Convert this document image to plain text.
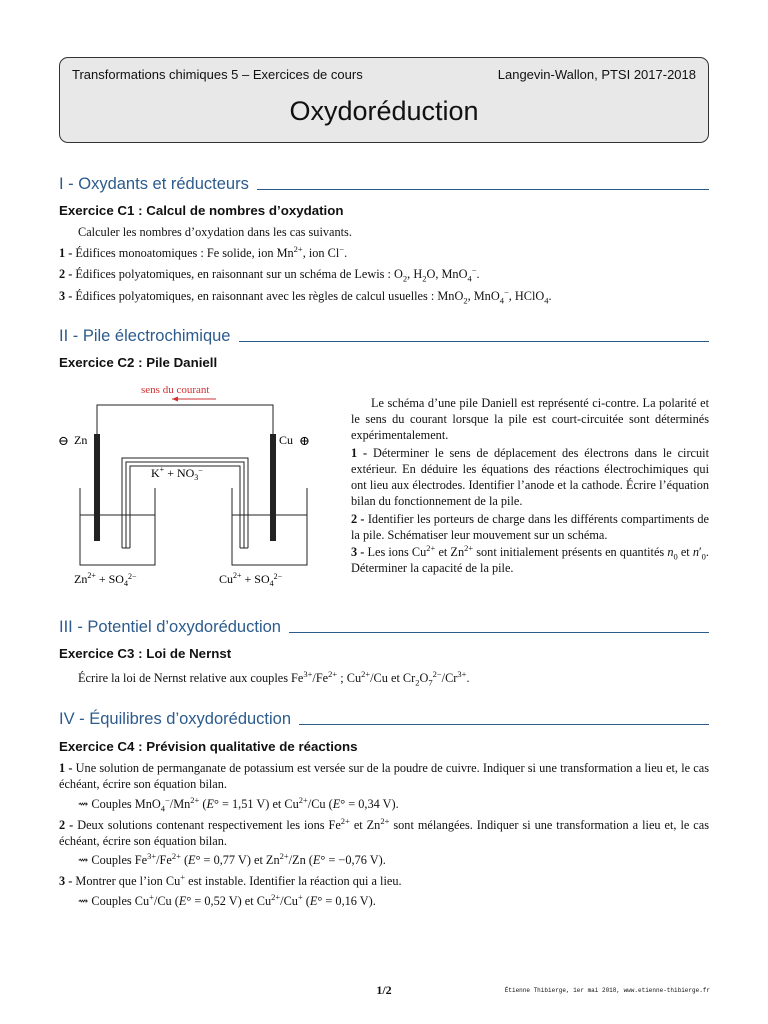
Transformations chimiques 5 – Exercices de cours	Langevin-Wallon, PTSI 2017-2018
Oxydoréduction
I - Oxydants et réducteurs
Exercice C1 : Calcul de nombres d’oxydation
Calculer les nombres d’oxydation dans les cas suivants.
1 - Édifices monoatomiques : Fe solide, ion $Mn^{2+}$, ion Cl−.
2 - Édifices polyatomiques, en raisonnant sur un schéma de Lewis : $O_2$, $H_2O$, MnO$_4$−.
3 - Édifices polyatomiques, en raisonnant avec les règles de calcul usuelles : MnO$_2$, MnO$_4$−, HClO$_4$.
II - Pile électrochimique
Exercice C2 : Pile Daniell
sens du courant
⊖ Zn	Cu ⊕
$K^+ + NO_3^-$
$Zn^{2+} + SO_4^{2-}$	$Cu^{2+} + SO_4^{2-}$
Le schéma d’une pile Daniell est représenté ci-contre. La polarité et le sens du courant lorsque la pile est court-circuitée sont déterminés expérimentalement.
1 - Déterminer le sens de déplacement des électrons dans le circuit extérieur. En déduire les équations des réactions électrochimiques qui ont lieu aux électrodes. Identifier l’anode et la cathode. Écrire l’équation bilan du fonctionnement de la pile.
2 - Identifier les porteurs de charge dans les différents compartiments de la pile. Schématiser leur mouvement sur un schéma.
3 - Les ions $Cu^{2+}$ et $Zn^{2+}$ sont initialement présents en quantités $n_0$ et $n'_0$. Déterminer la capacité de la pile.
III - Potentiel d’oxydoréduction
Exercice C3 : Loi de Nernst
Écrire la loi de Nernst relative aux couples $Fe^{3+}/Fe^{2+}$ ; $Cu^{2+}/Cu$ et $Cr_2O_7^{2-}/Cr^{3+}$.
IV - Équilibres d’oxydoréduction
Exercice C4 : Prévision qualitative de réactions
1 - Une solution de permanganate de potassium est versée sur de la poudre de cuivre. Indiquer si une transformation a lieu et, le cas échéant, écrire son équation bilan.
⇝ Couples $MnO_4^-/Mn^{2+}$ (E° = 1,51 V) et $Cu^{2+}/Cu$ (E° = 0,34 V).
2 - Deux solutions contenant respectivement les ions $Fe^{2+}$ et $Zn^{2+}$ sont mélangées. Indiquer si une transformation a lieu et, le cas échéant, écrire son équation bilan.
⇝ Couples $Fe^{3+}/Fe^{2+}$ (E° = 0,77 V) et $Zn^{2+}/Zn$ (E° = −0,76 V).
3 - Montrer que l’ion Cu+ est instable. Identifier la réaction qui a lieu.
⇝ Couples Cu+/Cu (E° = 0,52 V) et $Cu^{2+}/Cu^+$ (E° = 0,16 V).
1/2	Étienne Thibierge, 1er mai 2018, www.etienne-thibierge.fr
